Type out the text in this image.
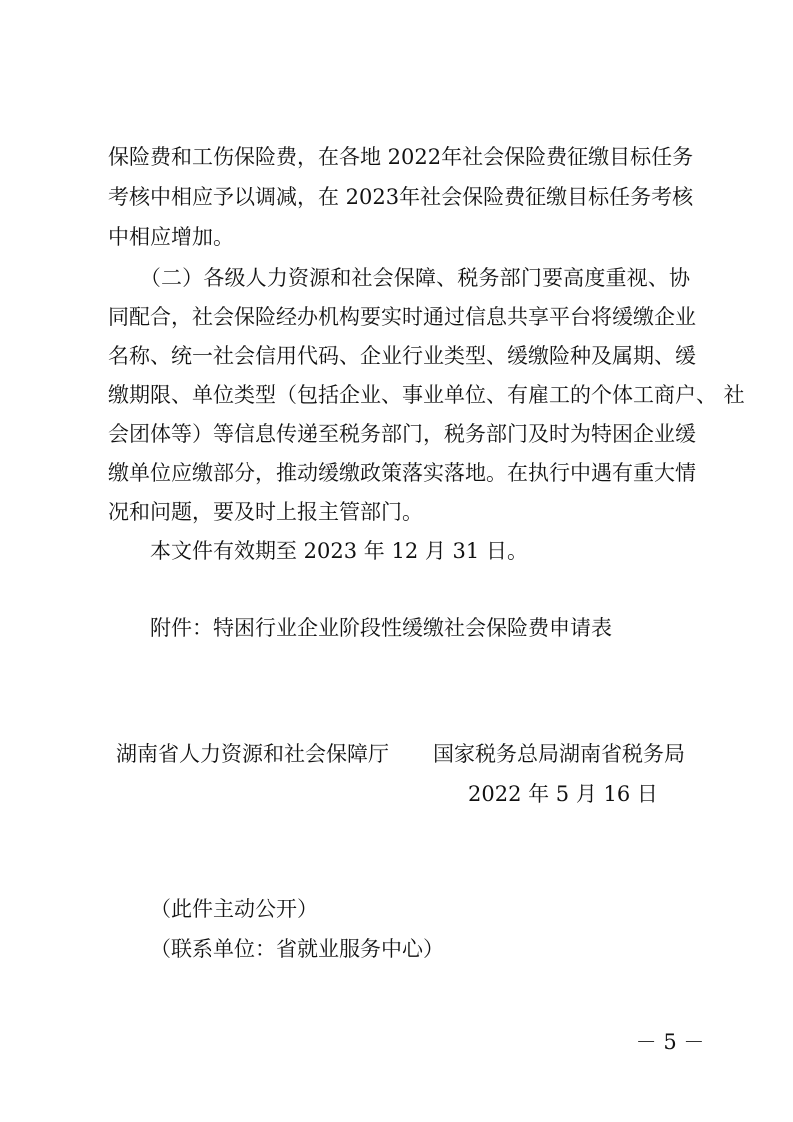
保险费和工伤保险费，在各地 2022年社会保险费征缴目标任务
考核中相应予以调减，在 2023年社会保险费征缴目标任务考核
中相应增加。
　　（二）各级人力资源和社会保障、税务部门要高度重视、协
同配合，社会保险经办机构要实时通过信息共享平台将缓缴企业
名称、统一社会信用代码、企业行业类型、缓缴险种及属期、缓
缴期限、单位类型（包括企业、事业单位、有雇工的个体工商户、 社
会团体等）等信息传递至税务部门，税务部门及时为特困企业缓
缴单位应缴部分，推动缓缴政策落实落地。在执行中遇有重大情
况和问题，要及时上报主管部门。
本文件有效期至 2023 年 12 月 31 日。
附件：特困行业企业阶段性缓缴社会保险费申请表
湖南省人力资源和社会保障厅	国家税务总局湖南省税务局
2022 年 5 月 16 日
（此件主动公开）
（联系单位：省就业服务中心）
－ 5 －
